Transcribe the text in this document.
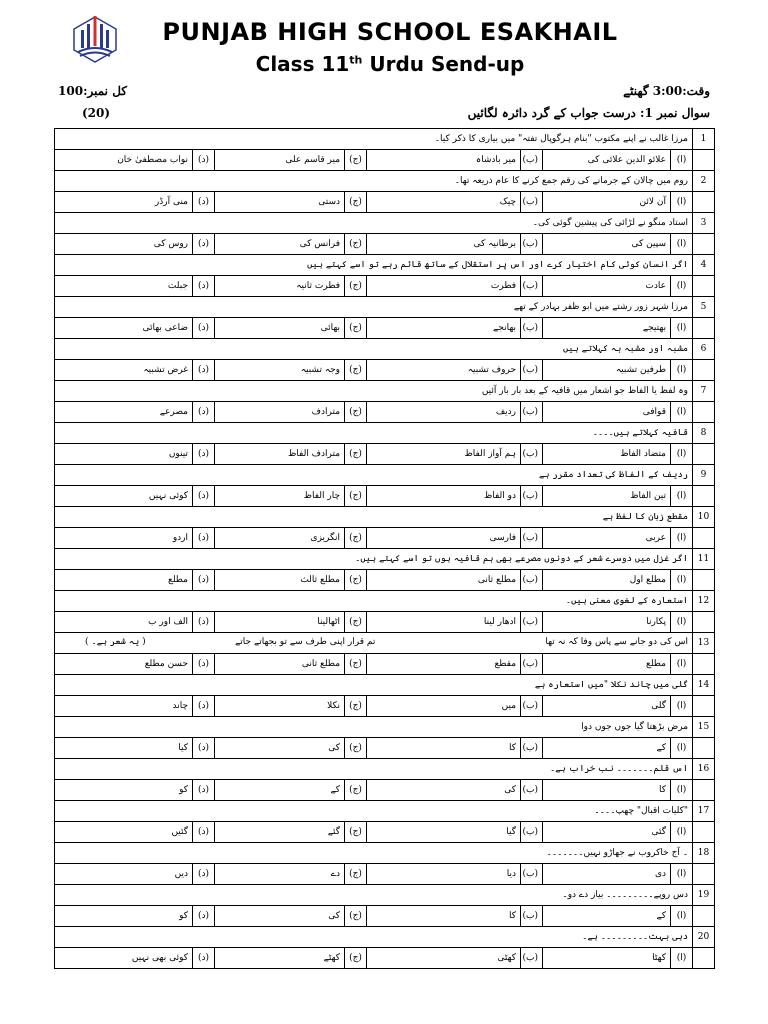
PUNJAB HIGH SCHOOL ESAKHAIL
Class 11th Urdu Send-up
وقت:3:00 گھنٹے
کل نمبر:100
سوال نمبر 1: درست جواب کے گرد دائرہ لگائیں
(20)
1	مرزا غالب نے اپنے مکتوب "بنام ہرگوپال تفتہ" میں بیاری کا ذکر کیا۔							
	(ا)	علائو الدین علائی کی	(ب)	میر بادشاہ	(ج)	میر قاسم علی	(د)	نواب مصطفیٰ خان
2	روم میں چالان کے جرمانے کی رقم جمع کرنے کا عام ذریعہ تھا۔							
	(ا)	آن لائن	(ب)	چیک	(ج)	دستی	(د)	منی آرڈر
3	استاد منگو نے لڑائی کی پیشین گوئی کی۔							
	(ا)	سپین کی	(ب)	برطانیہ کی	(ج)	فرانس کی	(د)	روس کی
4	اگر انسان کوئی کام اختیار کرے اور اس پر استقلال کے ساتھ قائم رہے تو اسے کہتے ہیں							
	(ا)	عادت	(ب)	فطرت	(ج)	فطرت ثانیہ	(د)	جبلت
5	مرزا شہر زور رشتے میں ابو ظفر بہادر کے تھے							
	(ا)	بھتیجے	(ب)	بھانجے	(ج)	بھائی	(د)	ضاعی بھائی
6	مشبہ اور مشبہ بہ کہلاتے ہیں							
	(ا)	طرفین تشبیہ	(ب)	حروف تشبیہ	(ج)	وجہ تشبیہ	(د)	غرض تشبیہ
7	وہ لفظ یا الفاظ جو اشعار میں قافیہ کے بعد بار بار آئیں							
	(ا)	قوافی	(ب)	ردیف	(ج)	مترادف	(د)	مصرعے
8	قافیہ کہلاتے ہیں۔۔۔۔							
	(ا)	متضاد الفاظ	(ب)	ہم آواز الفاظ	(ج)	مترادف الفاظ	(د)	تینوں
9	ردیف کے الفاظ کی تعداد مقرر ہے							
	(ا)	تین الفاظ	(ب)	دو الفاظ	(ج)	چار الفاظ	(د)	کوئی نہیں
10	مقطع زبان کا لفظ ہے							
	(ا)	عربی	(ب)	فارسی	(ج)	انگریزی	(د)	اردو
11	اگر غزل میں دوسرے شعر کے دونوں مصرعے بھی ہم قافیہ ہوں تو اسے کہتے ہیں۔							
	(ا)	مطلع اول	(ب)	مطلع ثانی	(ج)	مطلع ثالث	(د)	مطلع
12	استعارہ کے لغوی معنی ہیں۔							
	(ا)	پکارنا	(ب)	ادھار لینا	(ج)	اٹھالینا	(د)	الف اور ب
13	اس کی دو جانے سے پاس وفا کہ نہ تھا
تم قرار اپنی طرف سے تو بجھاتے جاتے
( یہ شعر ہے۔ )							

	(ا)	مطلع	(ب)	مقطع	(ج)	مطلع ثانی	(د)	حسن مطلع
14	گلی میں چاند نکلا "میں استعارہ ہے							
	(ا)	گلی	(ب)	میں	(ج)	نکلا	(د)	چاند
15	مرض بڑھتا گیا جوں جوں دوا							
	(ا)	کے	(ب)	کا	(ج)	کی	(د)	کیا
16	اس قلم۔۔۔۔۔۔۔ نب خراب ہے۔							
	(ا)	کا	(ب)	کی	(ج)	کے	(د)	کو
17	"کلیات اقبال" چھپ۔۔۔۔							
	(ا)	گئی	(ب)	گیا	(ج)	گئے	(د)	گئیں
18	۔ آج خاکروب نے جھاڑو نہیں۔۔۔۔۔۔۔							
	(ا)	دی	(ب)	دیا	(ج)	دے	(د)	دیں
19	دس روپے۔۔۔۔۔۔۔۔۔ بیاز دے دو۔							
	(ا)	کے	(ب)	کا	(ج)	کی	(د)	کو
20	دہی بہت۔۔۔۔۔۔۔۔۔ ہے۔							
	(ا)	کھٹا	(ب)	کھٹی	(ج)	کھٹے	(د)	کوئی بھی نہیں
